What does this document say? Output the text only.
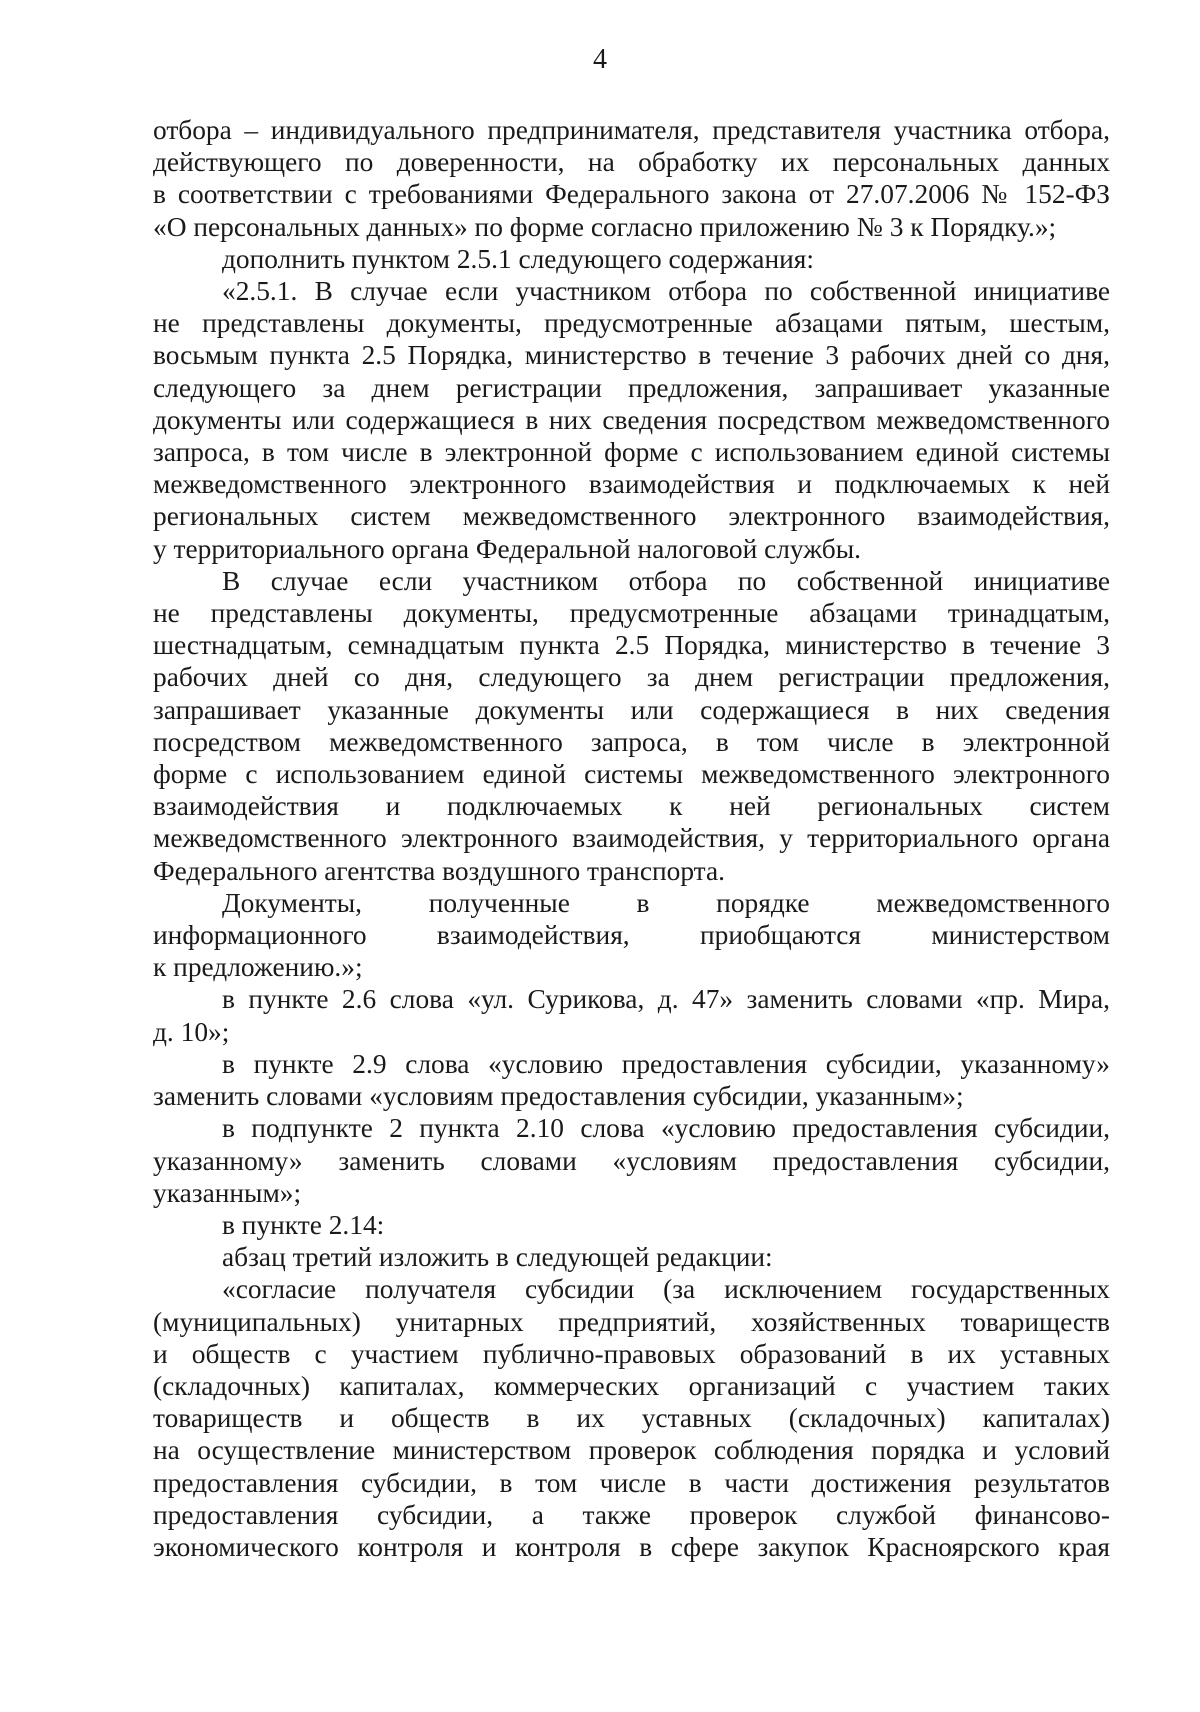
4

отбора – индивидуального предпринимателя, представителя участника отбора,
действующего по доверенности, на обработку их персональных данных
в соответствии с требованиями Федерального закона от 27.07.2006 № 152-ФЗ
«О персональных данных» по форме согласно приложению № 3 к Порядку.»;

дополнить пунктом 2.5.1 следующего содержания:

«2.5.1. В случае если участником отбора по собственной инициативе
не представлены документы, предусмотренные абзацами пятым, шестым,
восьмым пункта 2.5 Порядка, министерство в течение 3 рабочих дней со дня,
следующего за днем регистрации предложения, запрашивает указанные
документы или содержащиеся в них сведения посредством межведомственного
запроса, в том числе в электронной форме с использованием единой системы
межведомственного электронного взаимодействия и подключаемых к ней
региональных систем межведомственного электронного взаимодействия,
у территориального органа Федеральной налоговой службы.

В случае если участником отбора по собственной инициативе
не представлены документы, предусмотренные абзацами тринадцатым,
шестнадцатым, семнадцатым пункта 2.5 Порядка, министерство в течение 3
рабочих дней со дня, следующего за днем регистрации предложения,
запрашивает указанные документы или содержащиеся в них сведения
посредством межведомственного запроса, в том числе в электронной
форме с использованием единой системы межведомственного электронного
взаимодействия и подключаемых к ней региональных систем
межведомственного электронного взаимодействия, у территориального органа
Федерального агентства воздушного транспорта.

Документы, полученные в порядке межведомственного
информационного взаимодействия, приобщаются министерством
к предложению.»;

в пункте 2.6 слова «ул. Сурикова, д. 47» заменить словами «пр. Мира,
д. 10»;

в пункте 2.9 слова «условию предоставления субсидии, указанному»
заменить словами «условиям предоставления субсидии, указанным»;

в подпункте 2 пункта 2.10 слова «условию предоставления субсидии,
указанному» заменить словами «условиям предоставления субсидии,
указанным»;

в пункте 2.14:

абзац третий изложить в следующей редакции:

«согласие получателя субсидии (за исключением государственных
(муниципальных) унитарных предприятий, хозяйственных товариществ
и обществ с участием публично-правовых образований в их уставных
(складочных) капиталах, коммерческих организаций с участием таких
товариществ и обществ в их уставных (складочных) капиталах)
на осуществление министерством проверок соблюдения порядка и условий
предоставления субсидии, в том числе в части достижения результатов
предоставления субсидии, а также проверок службой финансово-
экономического контроля и контроля в сфере закупок Красноярского края
